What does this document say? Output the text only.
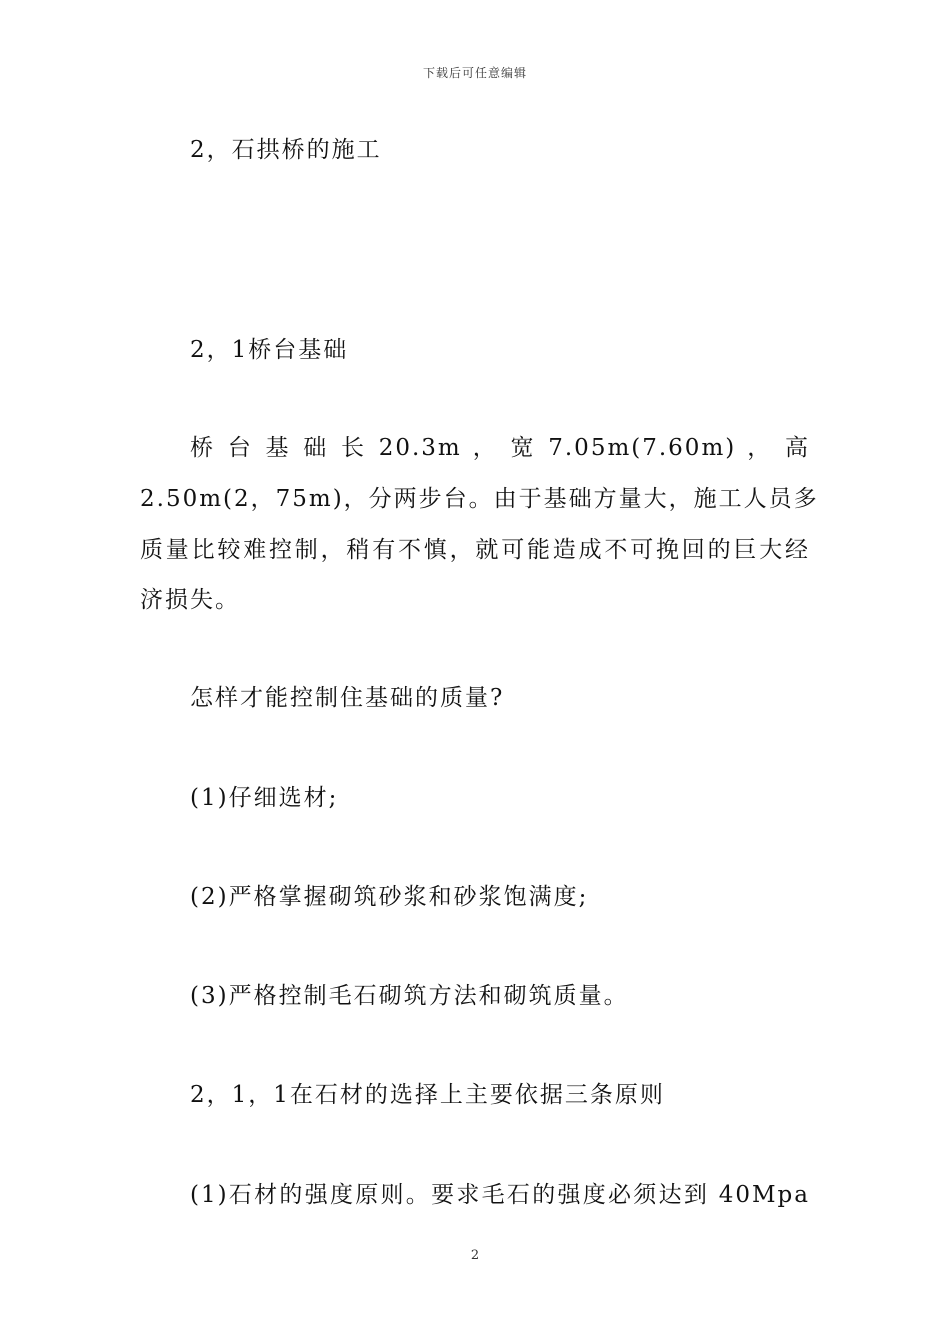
下载后可任意编辑
2，石拱桥的施工
2，1桥台基础
桥 台 基 础 长 20.3m ， 宽 7.05m(7.60m) ， 高
2.50m(2，75m)，分两步台。由于基础方量大，施工人员多
质量比较难控制，稍有不慎，就可能造成不可挽回的巨大经
济损失。
怎样才能控制住基础的质量?
(1)仔细选材;
(2)严格掌握砌筑砂浆和砂浆饱满度;
(3)严格控制毛石砌筑方法和砌筑质量。
2，1，1在石材的选择上主要依据三条原则
(1)石材的强度原则。要求毛石的强度必须达到 40Mpa
2
